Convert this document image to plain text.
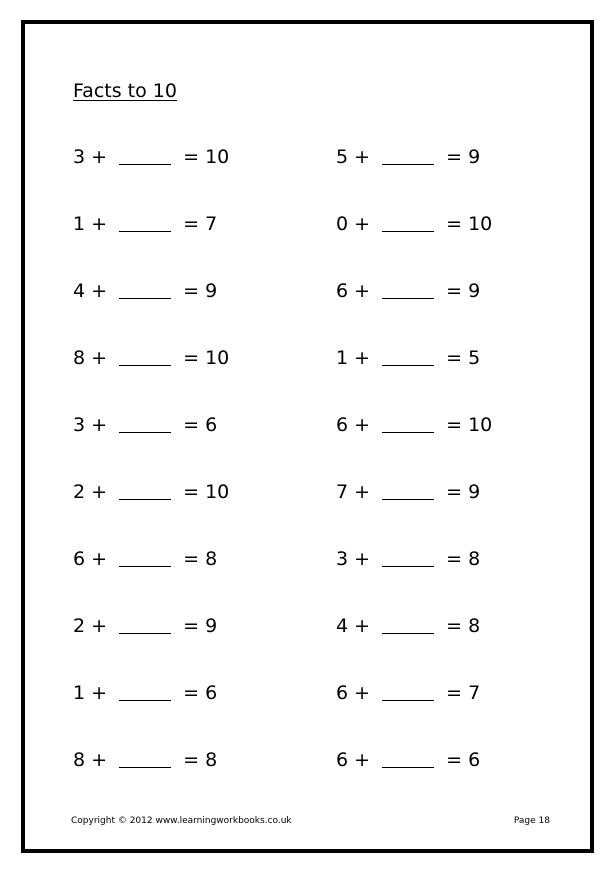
Facts to 10
3 +	= 10	5 +	= 9
1 +	= 7	0 +	= 10
4 +	= 9	6 +	= 9
8 +	= 10	1 +	= 5
3 +	= 6	6 +	= 10
2 +	= 10	7 +	= 9
6 +	= 8	3 +	= 8
2 +	= 9	4 +	= 8
1 +	= 6	6 +	= 7
8 +	= 8	6 +	= 6
Copyright © 2012 www.learningworkbooks.co.uk	Page 18
